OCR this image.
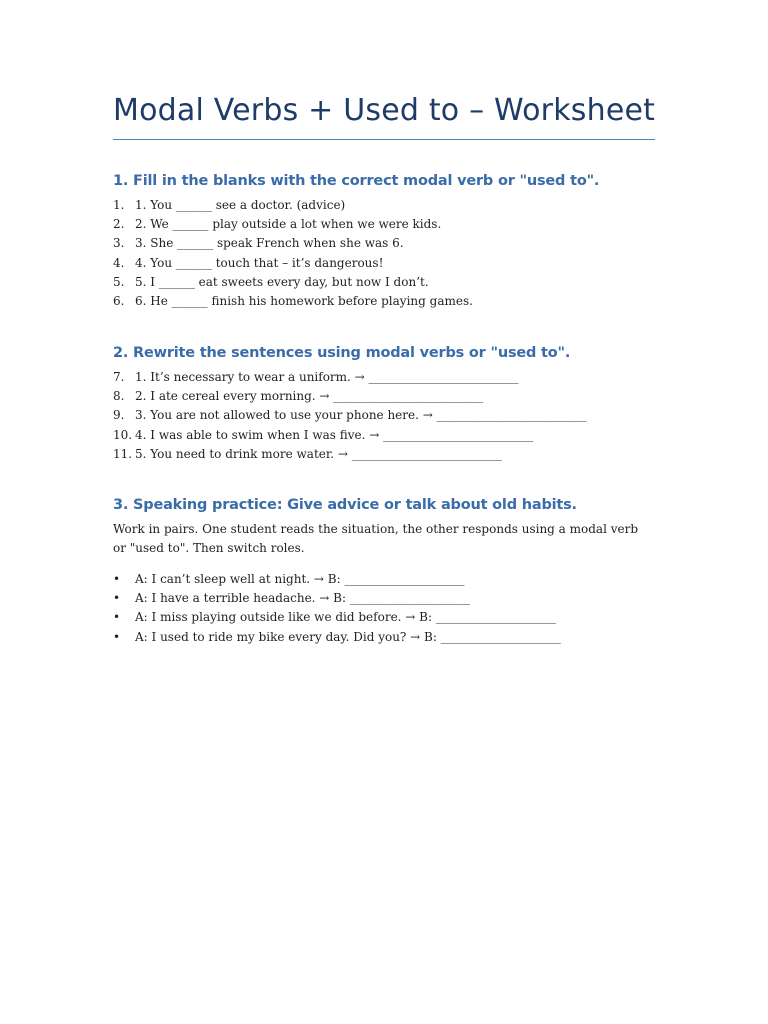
Modal Verbs + Used to – Worksheet
1. Fill in the blanks with the correct modal verb or "used to".
1. 1. You ______ see a doctor. (advice)
2. 2. We ______ play outside a lot when we were kids.
3. 3. She ______ speak French when she was 6.
4. 4. You ______ touch that – it’s dangerous!
5. 5. I ______ eat sweets every day, but now I don’t.
6. 6. He ______ finish his homework before playing games.
2. Rewrite the sentences using modal verbs or "used to".
7. 1. It’s necessary to wear a uniform. → _________________________
8. 2. I ate cereal every morning. → _________________________
9. 3. You are not allowed to use your phone here. → _________________________
10. 4. I was able to swim when I was five. → _________________________
11. 5. You need to drink more water. → _________________________
3. Speaking practice: Give advice or talk about old habits.
Work in pairs. One student reads the situation, the other responds using a modal verb or "used to". Then switch roles.
•	A: I can’t sleep well at night. → B: ____________________
•	A: I have a terrible headache. → B: ____________________
•	A: I miss playing outside like we did before. → B: ____________________
•	A: I used to ride my bike every day. Did you? → B: ____________________
